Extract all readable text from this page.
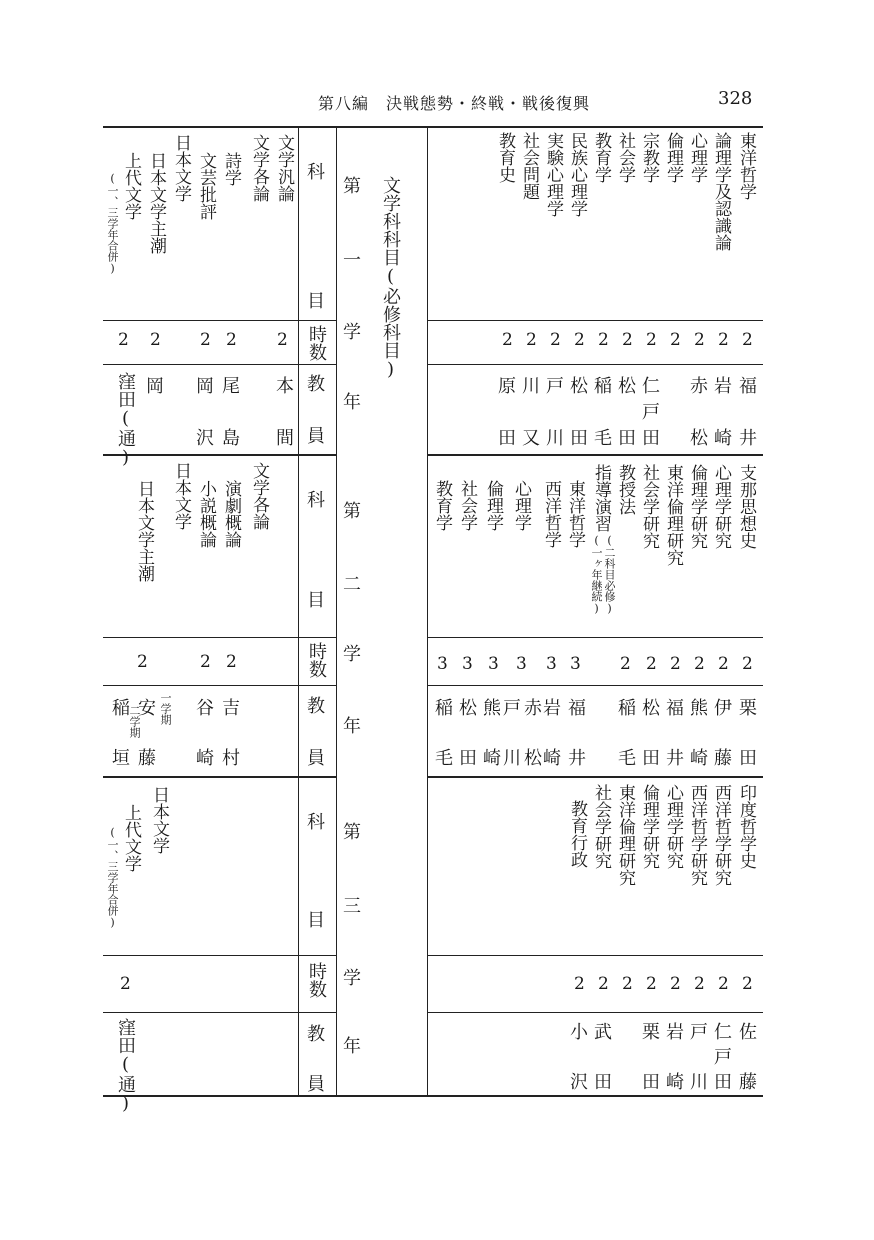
第八編　決戦態勢・終戦・戦後復興	328
文学科科目(必修科目)
科
目
時数
教
員
科
目
時数
教
員
科
目
時数
教
員
第
一
学
年
第
二
学
年
第
三
学
年
文学汎論
文学各論
詩学
文芸批評
日本文学
日本文学主潮
上代文学
(一、三学年合併)
2
2
2
2
2
本
間
尾
島
岡
沢
岡
窪田(通)
文学各論
演劇概論
小説概論
日本文学
日本文学主潮
2
2
2
吉
村
谷
崎
安 一学期
藤
稲
二学期
垣
日本文学
上代文学
(一、三学年合併)
2
窪田(通)
東洋哲学
論理学及認識論
心理学
倫理学
宗教学
社会学
教育学
民族心理学
実験心理学
社会問題
教育史
2
2
2
2
2
2
2
2
2
2
2
福
井
岩
崎
赤
松
仁
戸
田
松
田
稲
毛
松
田
戸
川
川
又
原
田
支那思想史
心理学研究
倫理学研究
東洋倫理研究
社会学研究
教授法
指導演習
(二科目必修)
(一ヶ年継続)
東洋哲学
西洋哲学
心理学
倫理学
社会学
教育学
2
2
2
2
2
2
3
3
3
3
3
3
栗
田
伊
藤
熊
崎
福
井
松
田
稲
毛
福
井
岩
崎
赤
松
戸
川
熊
崎
松
田
稲
毛
印度哲学史
西洋哲学研究
西洋哲学研究
心理学研究
倫理学研究
東洋倫理研究
社会学研究
教育行政
2
2
2
2
2
2
2
2
佐
藤
仁
戸
田
戸
川
岩
崎
栗
田
武
田
小
沢
